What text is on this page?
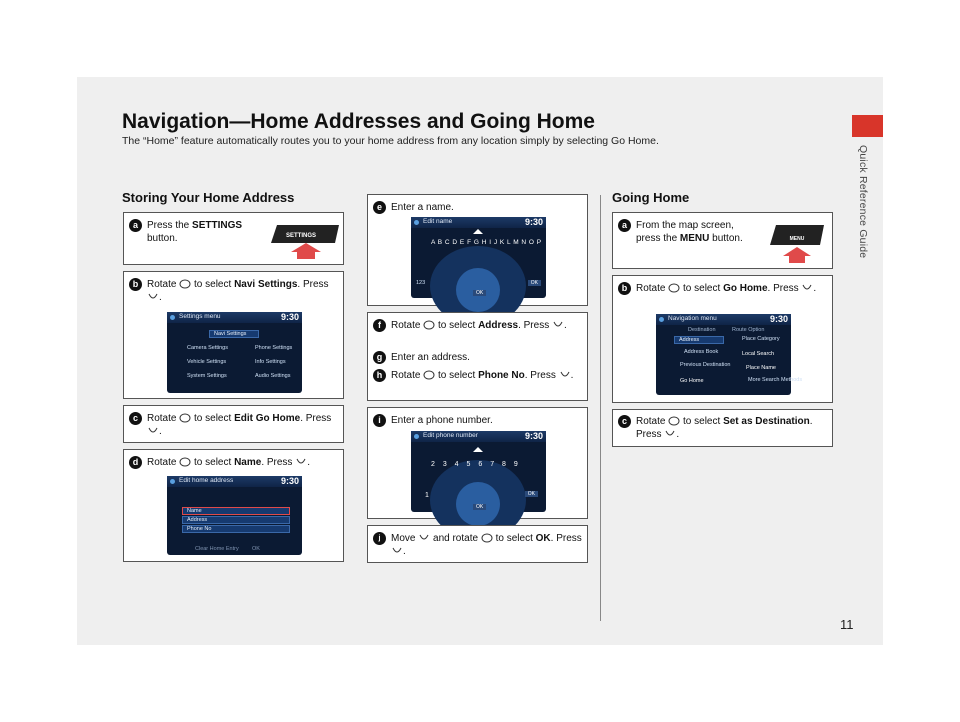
Quick Reference Guide
11
Navigation—Home Addresses and Going Home
The “Home” feature automatically routes you to your home address from any location simply by selecting Go Home.
Storing Your Home Address	Going Home
a Press the SETTINGS button.	SETTINGS
b Rotate  to select Navi Settings. Press .
Settings menu	9:30
Navi Settings
Camera Settings	Phone Settings
Vehicle Settings	Info Settings
System Settings	Audio Settings
c Rotate  to select Edit Go Home. Press .
d Rotate  to select Name. Press .
Edit home address	9:30
Name
Address
Phone No
Clear Home Entry OK
e Enter a name.
Edit name	9:30
A B C D E F G H I J K L M N O P
123	OK
OK
f	Rotate  to select Address. Press .
g Enter an address.
h Rotate  to select Phone No. Press .
i	Enter a phone number.
Edit phone number	9:30
2 3 4 5 6 7 8 9
1	OK
OK
j	Move  and rotate  to select OK. Press .
a From the map screen, press the MENU button.	MENU
b Rotate  to select Go Home. Press .
Navigation menu	9:30
Destination	Route Option
Address	Place Category
Address Book	Local Search
Previous Destination	Place Name
Go Home	More Search Methods
c Rotate  to select Set as Destination. Press .
